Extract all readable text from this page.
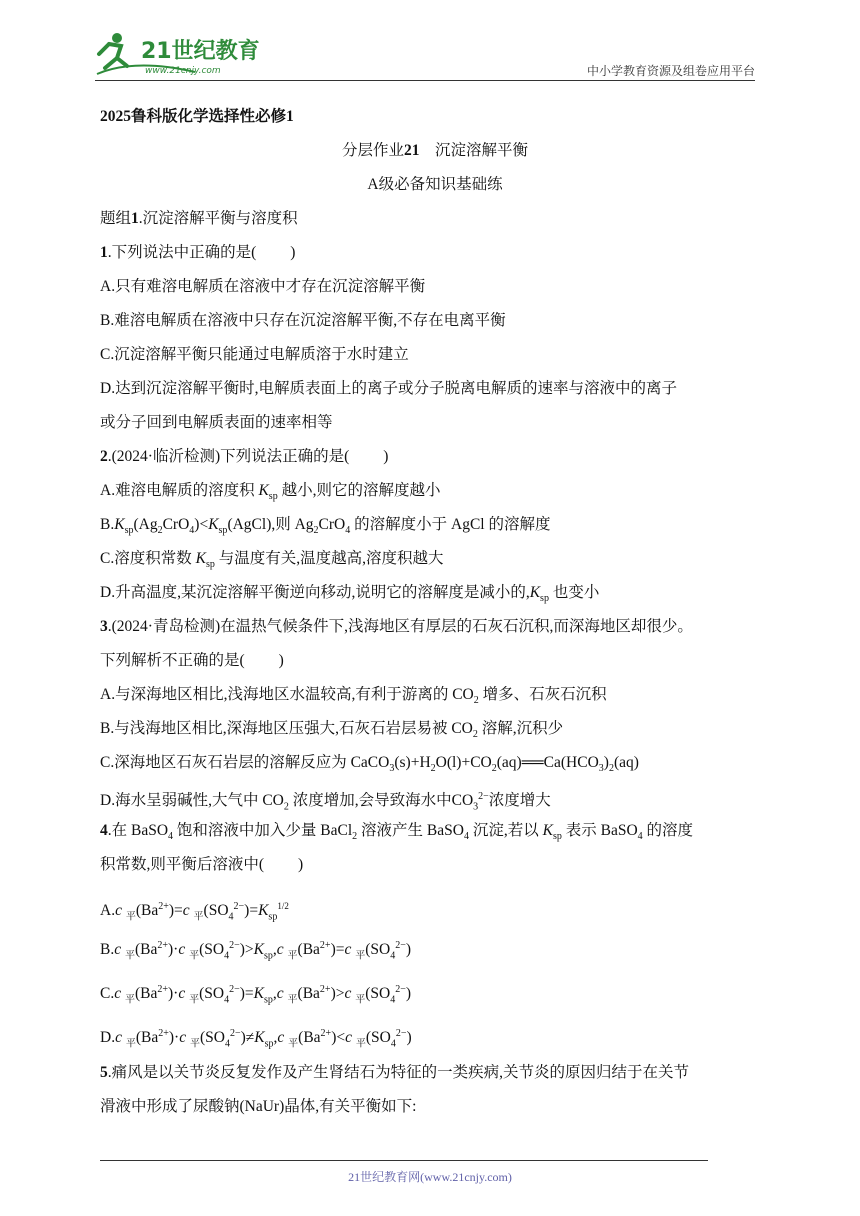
21世纪教育
www.21cnjy.com	中小学教育资源及组卷应用平台
2025鲁科版化学选择性必修1
分层作业21　沉淀溶解平衡
A级必备知识基础练
题组1.沉淀溶解平衡与溶度积
1.下列说法中正确的是( )
A.只有难溶电解质在溶液中才存在沉淀溶解平衡
B.难溶电解质在溶液中只存在沉淀溶解平衡,不存在电离平衡
C.沉淀溶解平衡只能通过电解质溶于水时建立
D.达到沉淀溶解平衡时,电解质表面上的离子或分子脱离电解质的速率与溶液中的离子
或分子回到电解质表面的速率相等
2.(2024·临沂检测)下列说法正确的是( )
A.难溶电解质的溶度积 $K_{sp}$ 越小,则它的溶解度越小
$B.K_{sp}(Ag_2CrO_4)<K_{sp}(AgCl)$,则 $Ag_2CrO_4$ 的溶解度小于 AgCl 的溶解度
C.溶度积常数 $K_{sp}$ 与温度有关,温度越高,溶度积越大
D.升高温度,某沉淀溶解平衡逆向移动,说明它的溶解度是减小的$,K_{sp}$ 也变小
3.(2024·青岛检测)在温热气候条件下,浅海地区有厚层的石灰石沉积,而深海地区却很少。
下列解析不正确的是( )
A.与深海地区相比,浅海地区水温较高,有利于游离的 $CO_2$ 增多、石灰石沉积
B.与浅海地区相比,深海地区压强大,石灰石岩层易被 $CO_2$ 溶解,沉积少
C.深海地区石灰石岩层的溶解反应为 $CaCO_3(s)+H_2O(l)+CO_2(aq)══Ca(HCO_3)_2(aq)$
D.海水呈弱碱性,大气中 $CO_2$ 浓度增加,会导致海水中$CO_3^{2-}$浓度增大
4.在 BaSO$_4$ 饱和溶液中加入少量 BaCl$_2$ 溶液产生 BaSO$_4$ 沉淀,若以 $K_{sp}$ 表示 BaSO$_4$ 的溶度
积常数,则平衡后溶液中( )
A.c $_平(Ba^{2+})=c$ $_平(SO_4^{2-})=K_{sp}^{1/2}$
B.c $_平(Ba^{2+})\cdot c$ $_平(SO_4^{2-})>K_{sp},c$ $_平(Ba^{2+})=c$ $_平(SO_4^{2-})$
C.c $_平(Ba^{2+})\cdot c$ $_平(SO_4^{2-})=K_{sp},c$ $_平(Ba^{2+})>c$ $_平(SO_4^{2-})$
D.c $_平(Ba^{2+})\cdot c$ $_平(SO_4^{2-})\ne K_{sp},c$ $_平(Ba^{2+})<c$ $_平(SO_4^{2-})$
5.痛风是以关节炎反复发作及产生肾结石为特征的一类疾病,关节炎的原因归结于在关节
滑液中形成了尿酸钠(NaUr)晶体,有关平衡如下:
21世纪教育网(www.21cnjy.com)
